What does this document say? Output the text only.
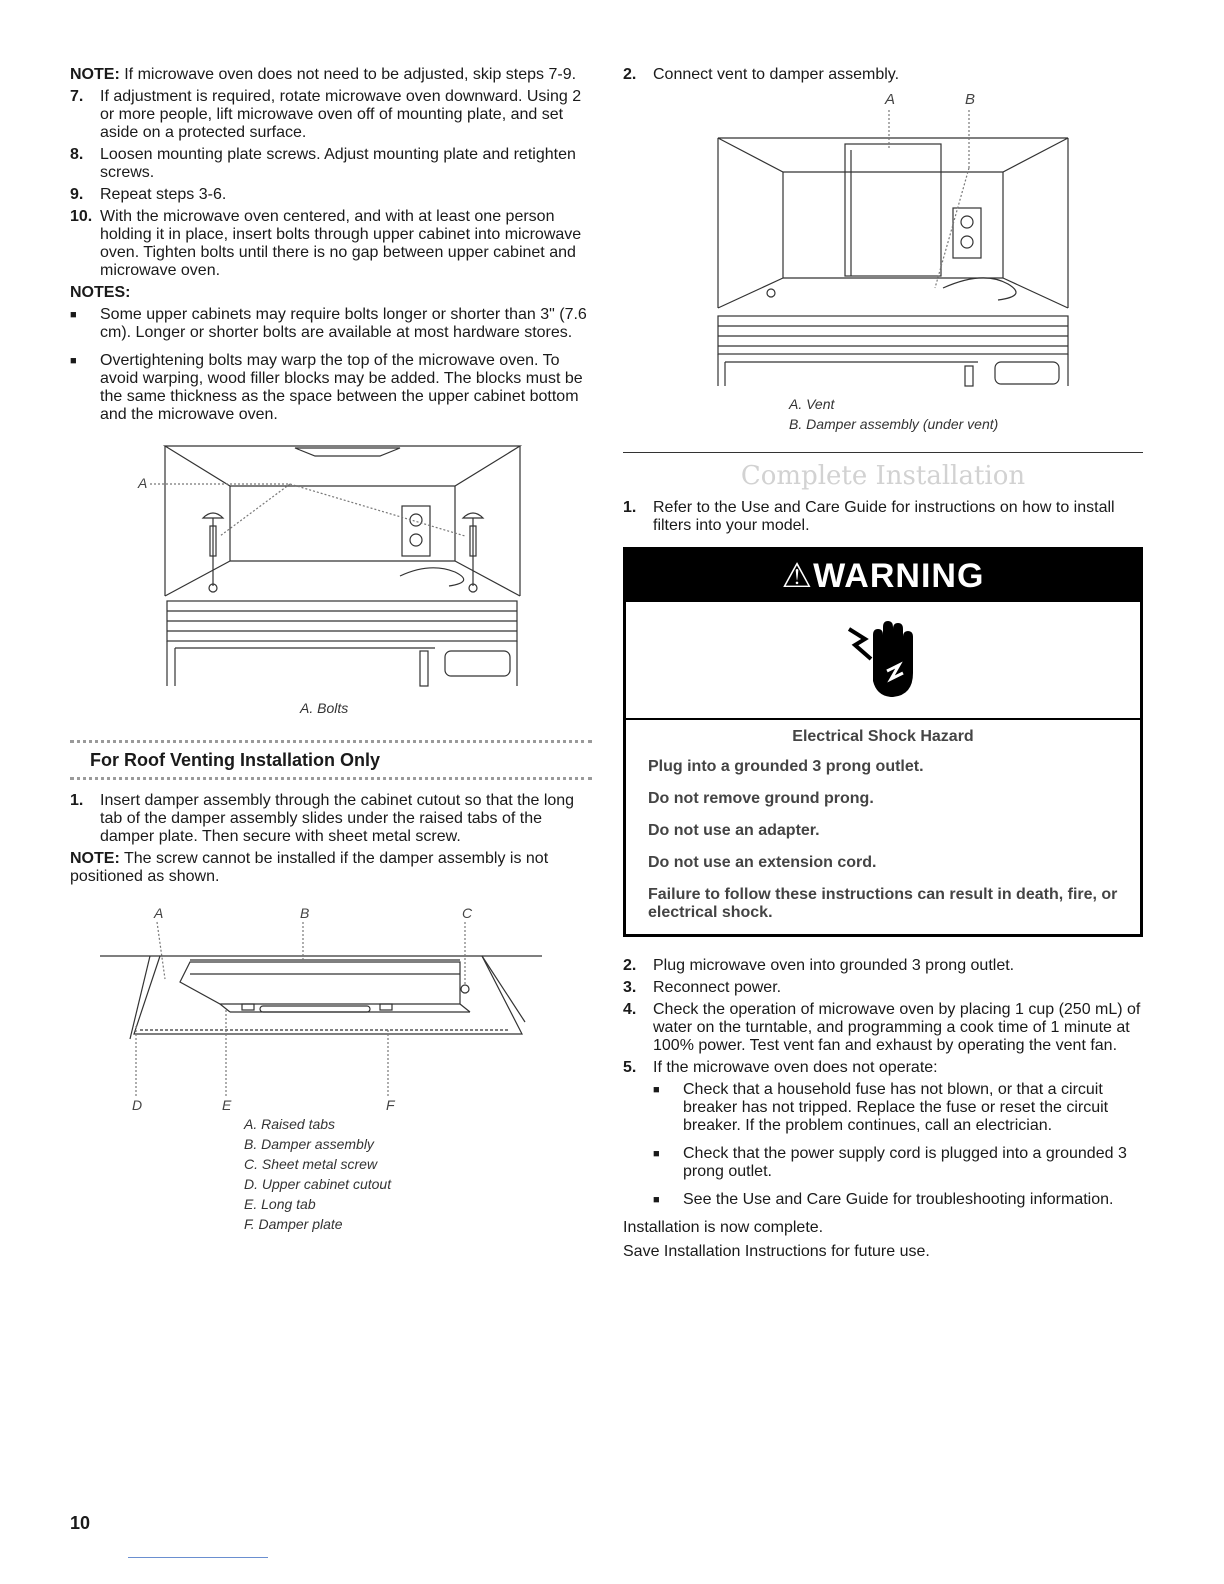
NOTE: If microwave oven does not need to be adjusted, skip steps 7-9.

7.	If adjustment is required, rotate microwave oven downward. Using 2 or more people, lift microwave oven off of mounting plate, and set aside on a protected surface.
8.	Loosen mounting plate screws. Adjust mounting plate and retighten screws.
9.	Repeat steps 3-6.
10. With the microwave oven centered, and with at least one person holding it in place, insert bolts through upper cabinet into microwave oven. Tighten bolts until there is no gap between upper cabinet and microwave oven.
NOTES:
■	Some upper cabinets may require bolts longer or shorter than 3" (7.6 cm). Longer or shorter bolts are available at most hardware stores.
■	Overtightening bolts may warp the top of the microwave oven. To avoid warping, wood filler blocks may be added. The blocks must be the same thickness as the space between the upper cabinet bottom and the microwave oven.
A
A. Bolts
For Roof Venting Installation Only
1.	Insert damper assembly through the cabinet cutout so that the long tab of the damper assembly slides under the raised tabs of the damper plate. Then secure with sheet metal screw.

NOTE: The screw cannot be installed if the damper assembly is not positioned as shown.

A	B	C
D	E	F
A. Raised tabs
B. Damper assembly
C. Sheet metal screw
D. Upper cabinet cutout
E. Long tab
F. Damper plate
2.	Connect vent to damper assembly.
A	B
A. Vent
B. Damper assembly (under vent)
Complete Installation
1.	Refer to the Use and Care Guide for instructions on how to install filters into your model.
⚠WARNING
Electrical Shock Hazard

Plug into a grounded 3 prong outlet.

Do not remove ground prong.

Do not use an adapter.

Do not use an extension cord.

Failure to follow these instructions can result in death, fire, or electrical shock.

2.	Plug microwave oven into grounded 3 prong outlet.
3.	Reconnect power.
4.	Check the operation of microwave oven by placing 1 cup (250 mL) of water on the turntable, and programming a cook time of 1 minute at 100% power. Test vent fan and exhaust by operating the vent fan.
5.	If the microwave oven does not operate:
■	Check that a household fuse has not blown, or that a circuit breaker has not tripped. Replace the fuse or reset the circuit breaker. If the problem continues, call an electrician.
■	Check that the power supply cord is plugged into a grounded 3 prong outlet.
■	See the Use and Care Guide for troubleshooting information.

Installation is now complete.

Save Installation Instructions for future use.

10
